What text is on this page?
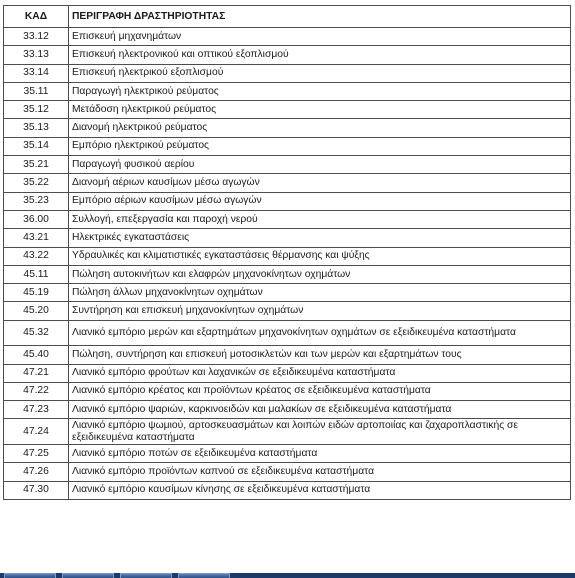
ΚΑΔ	ΠΕΡΙΓΡΑΦΗ ΔΡΑΣΤΗΡΙΟΤΗΤΑΣ
33.12	Επισκευή μηχανημάτων
33.13	Επισκευή ηλεκτρονικού και οπτικού εξοπλισμού
33.14	Επισκευή ηλεκτρικού εξοπλισμού
35.11	Παραγωγή ηλεκτρικού ρεύματος
35.12	Μετάδοση ηλεκτρικού ρεύματος
35.13	Διανομή ηλεκτρικού ρεύματος
35.14	Εμπόριο ηλεκτρικού ρεύματος
35.21	Παραγωγή φυσικού αερίου
35.22	Διανομή αέριων καυσίμων μέσω αγωγών
35.23	Εμπόριο αέριων καυσίμων μέσω αγωγών
36.00	Συλλογή, επεξεργασία και παροχή νερού
43.21	Ηλεκτρικές εγκαταστάσεις
43.22	Υδραυλικές και κλιματιστικές εγκαταστάσεις θέρμανσης και ψύξης
45.11	Πώληση αυτοκινήτων και ελαφρών μηχανοκίνητων οχημάτων
45.19	Πώληση άλλων μηχανοκίνητων οχημάτων
45.20	Συντήρηση και επισκευή μηχανοκίνητων οχημάτων
45.32	Λιανικό εμπόριο μερών και εξαρτημάτων μηχανοκίνητων οχημάτων σε εξειδικευμένα καταστήματα
45.40	Πώληση, συντήρηση και επισκευή μοτοσικλετών και των μερών και εξαρτημάτων τους
47.21	Λιανικό εμπόριο φρούτων και λαχανικών σε εξειδικευμένα καταστήματα
47.22	Λιανικό εμπόριο κρέατος και προϊόντων κρέατος σε εξειδικευμένα καταστήματα
47.23	Λιανικό εμπόριο ψαριών, καρκινοειδών και μαλακίων σε εξειδικευμένα καταστήματα
47.24	Λιανικό εμπόριο ψωμιού, αρτοσκευασμάτων και λοιπών ειδών αρτοποιίας και ζαχαροπλαστικής σε εξειδικευμένα καταστήματα
47.25	Λιανικό εμπόριο ποτών σε εξειδικευμένα καταστήματα
47.26	Λιανικό εμπόριο προϊόντων καπνού σε εξειδικευμένα καταστήματα
47.30	Λιανικό εμπόριο καυσίμων κίνησης σε εξειδικευμένα καταστήματα
